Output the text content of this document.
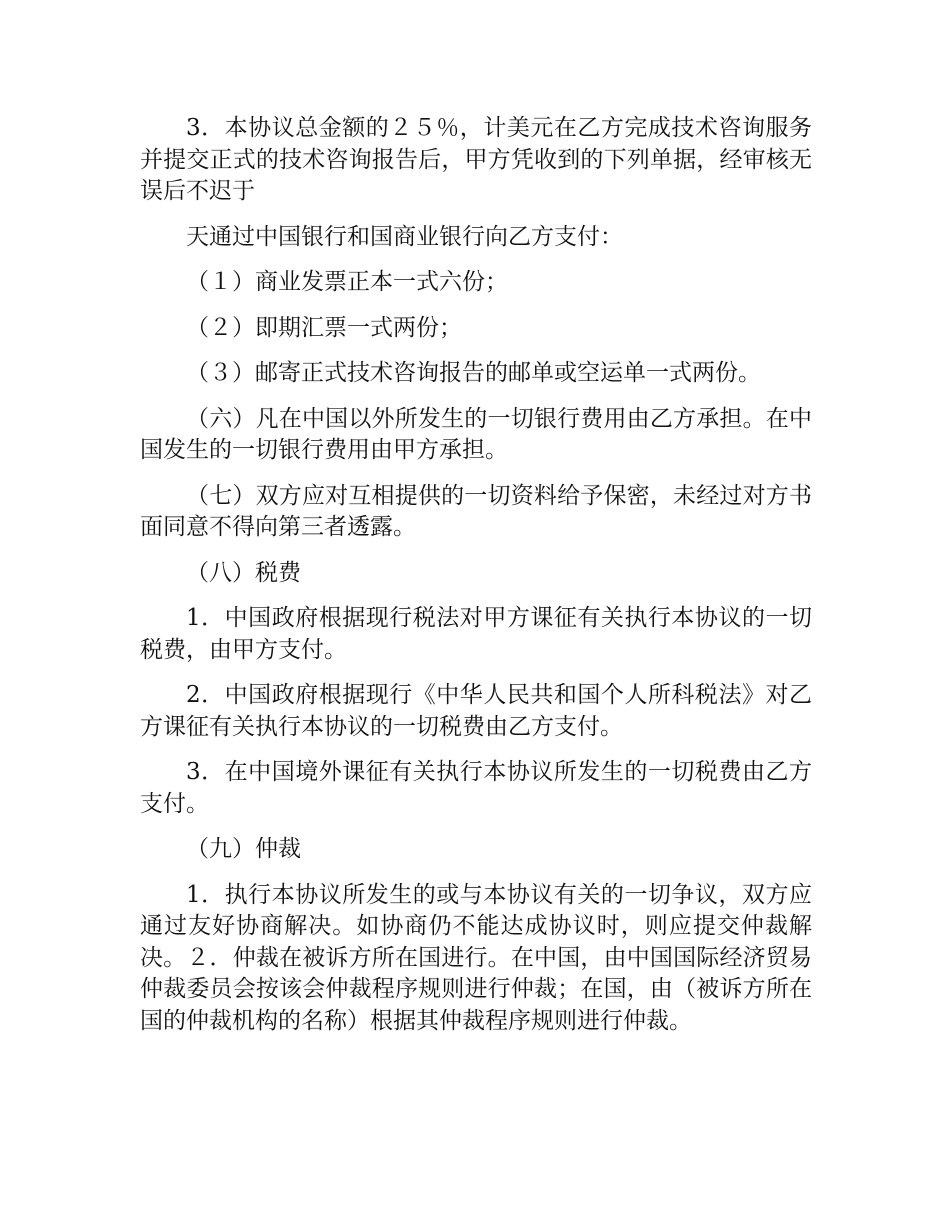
3．本协议总金额的２５％，计美元在乙方完成技术咨询服务并提交正式的技术咨询报告后，甲方凭收到的下列单据，经审核无误后不迟于

天通过中国银行和国商业银行向乙方支付：

（１）商业发票正本一式六份；

（２）即期汇票一式两份；

（３）邮寄正式技术咨询报告的邮单或空运单一式两份。

（六）凡在中国以外所发生的一切银行费用由乙方承担。在中国发生的一切银行费用由甲方承担。

（七）双方应对互相提供的一切资料给予保密，未经过对方书面同意不得向第三者透露。

（八）税费

1．中国政府根据现行税法对甲方课征有关执行本协议的一切税费，由甲方支付。

2．中国政府根据现行《中华人民共和国个人所科税法》对乙方课征有关执行本协议的一切税费由乙方支付。

3．在中国境外课征有关执行本协议所发生的一切税费由乙方支付。

（九）仲裁

1．执行本协议所发生的或与本协议有关的一切争议，双方应通过友好协商解决。如协商仍不能达成协议时，则应提交仲裁解决。２．仲裁在被诉方所在国进行。在中国，由中国国际经济贸易仲裁委员会按该会仲裁程序规则进行仲裁；在国，由（被诉方所在国的仲裁机构的名称）根据其仲裁程序规则进行仲裁。
